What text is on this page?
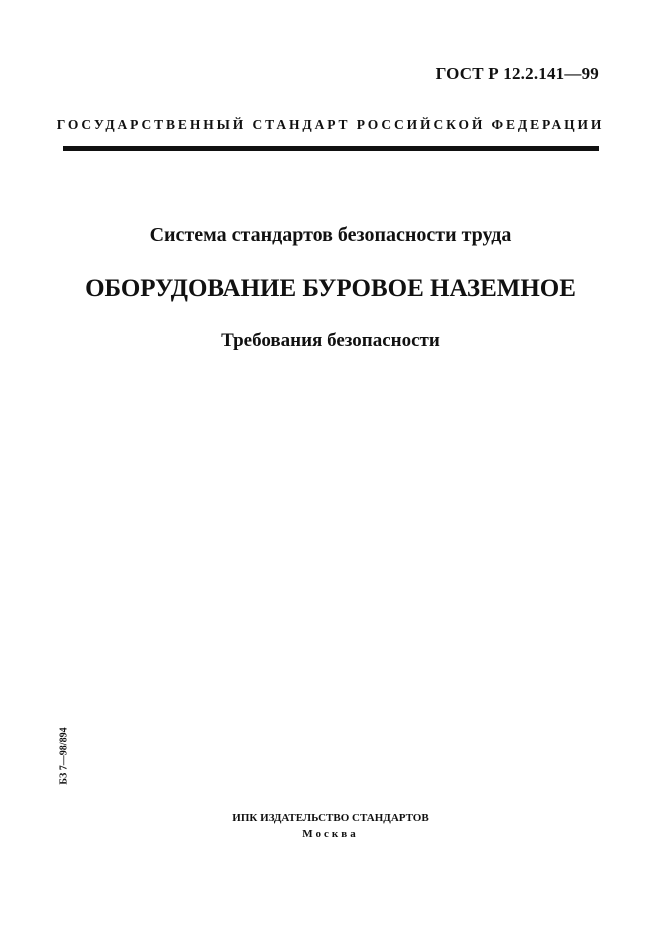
ГОСТ Р 12.2.141—99
ГОСУДАРСТВЕННЫЙ СТАНДАРТ РОССИЙСКОЙ ФЕДЕРАЦИИ
Система стандартов безопасности труда
ОБОРУДОВАНИЕ БУРОВОЕ НАЗЕМНОЕ
Требования безопасности
БЗ 7—98/894
ИПК ИЗДАТЕЛЬСТВО СТАНДАРТОВ
Москва
